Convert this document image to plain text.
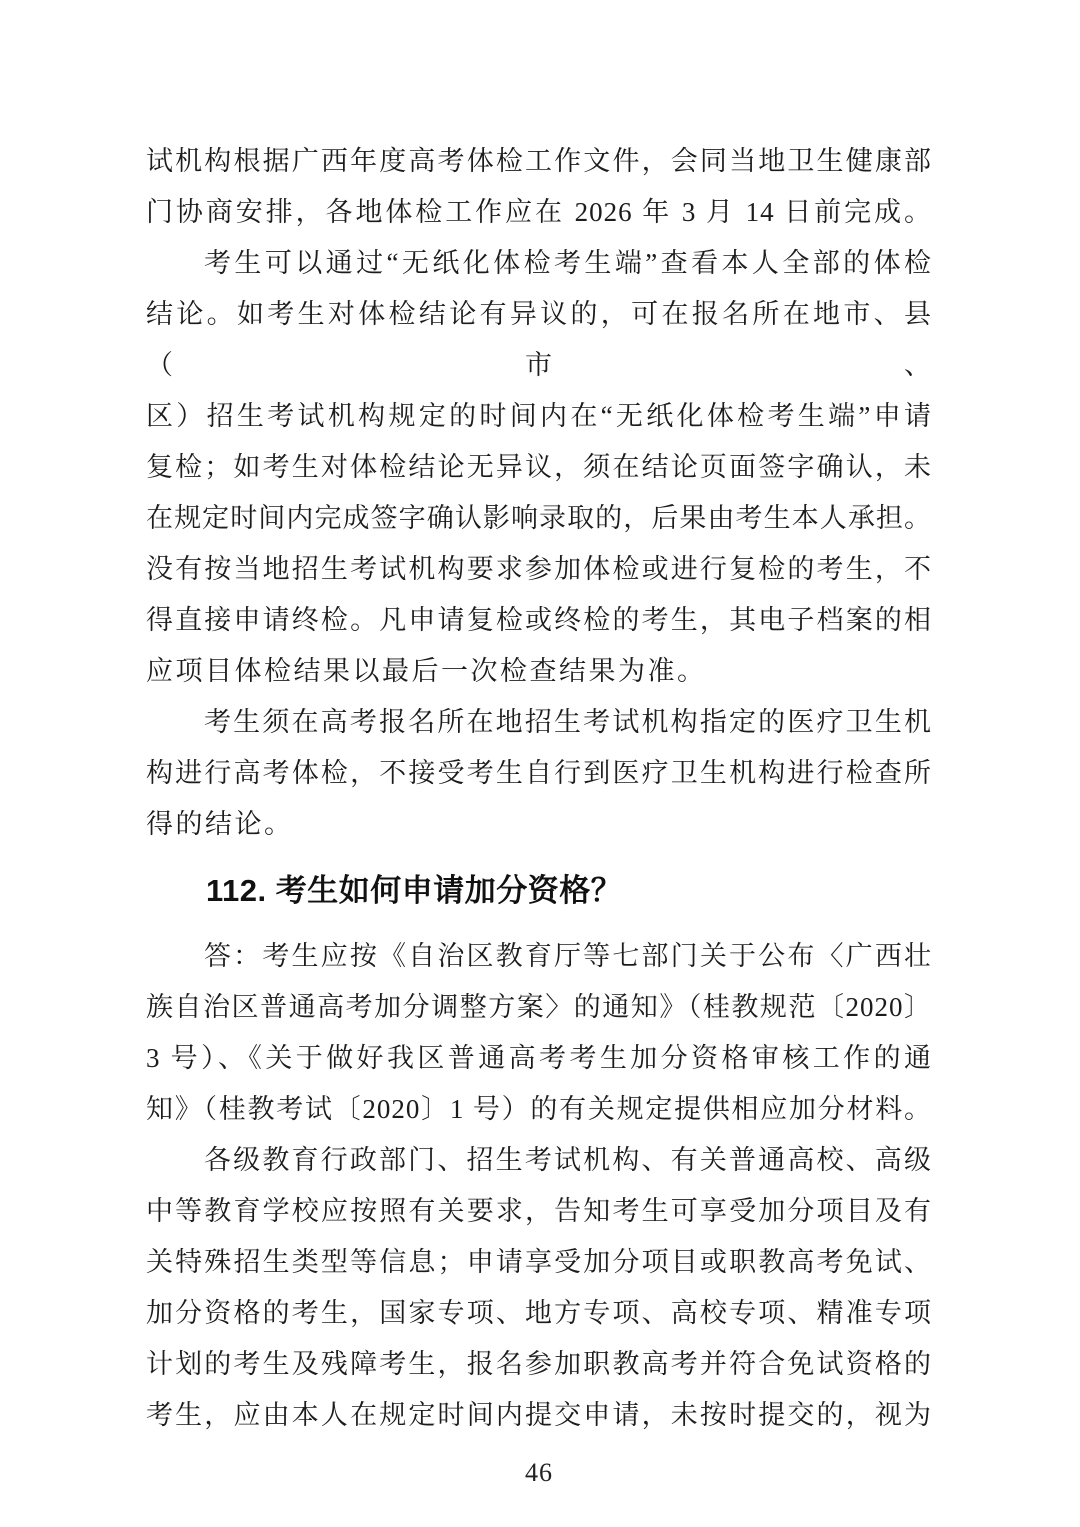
试机构根据广西年度高考体检工作文件，会同当地卫生健康部
门协商安排，各地体检工作应在 2026 年 3 月 14 日前完成。
考生可以通过“无纸化体检考生端”查看本人全部的体检
结论。如考生对体检结论有异议的，可在报名所在地市、县（市、
区）招生考试机构规定的时间内在“无纸化体检考生端”申请
复检；如考生对体检结论无异议，须在结论页面签字确认，未
在规定时间内完成签字确认影响录取的，后果由考生本人承担。
没有按当地招生考试机构要求参加体检或进行复检的考生，不
得直接申请终检。凡申请复检或终检的考生，其电子档案的相
应项目体检结果以最后一次检查结果为准。
考生须在高考报名所在地招生考试机构指定的医疗卫生机
构进行高考体检，不接受考生自行到医疗卫生机构进行检查所
得的结论。
112. 考生如何申请加分资格？
答：考生应按《自治区教育厅等七部门关于公布〈广西壮
族自治区普通高考加分调整方案〉的通知》（桂教规范〔2020〕
3 号）、《关于做好我区普通高考考生加分资格审核工作的通
知》（桂教考试〔2020〕1 号）的有关规定提供相应加分材料。
各级教育行政部门、招生考试机构、有关普通高校、高级
中等教育学校应按照有关要求，告知考生可享受加分项目及有
关特殊招生类型等信息；申请享受加分项目或职教高考免试、
加分资格的考生，国家专项、地方专项、高校专项、精准专项
计划的考生及残障考生，报名参加职教高考并符合免试资格的
考生，应由本人在规定时间内提交申请，未按时提交的，视为
46
